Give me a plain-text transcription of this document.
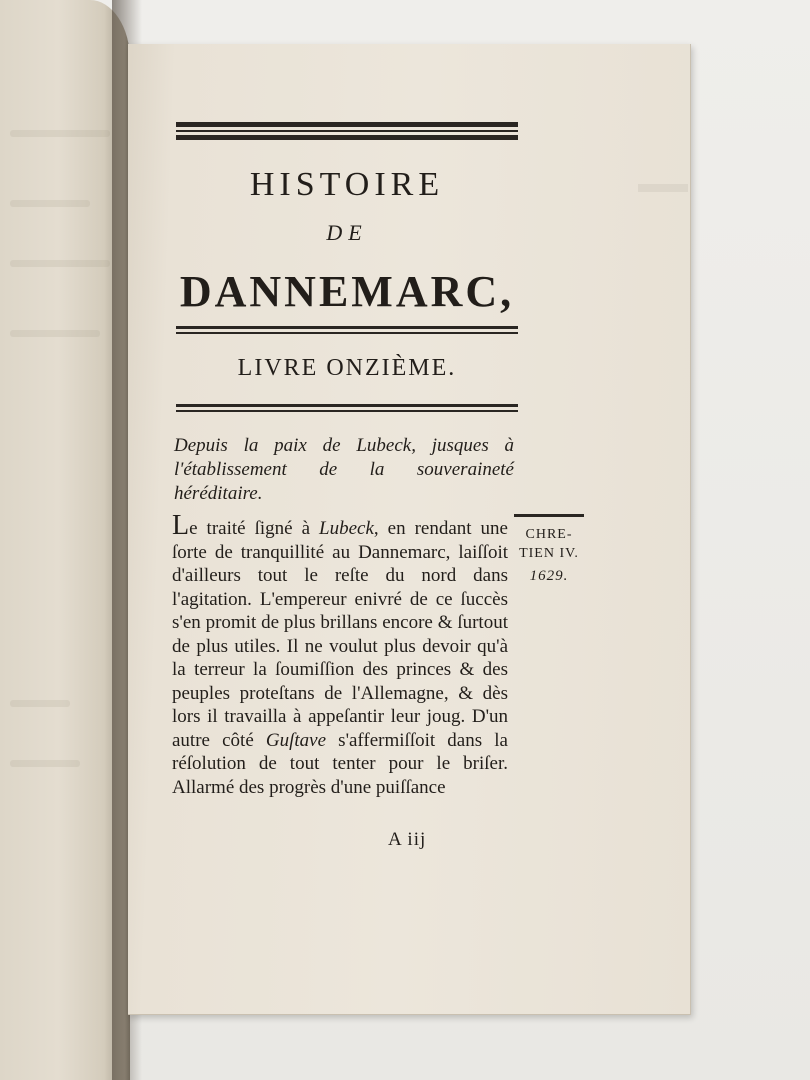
HISTOIRE
DE
DANNEMARC,
LIVRE ONZIÈME.
Depuis la paix de Lubeck, jusques à l'établissement de la souveraineté héréditaire.
Le traité ſigné à Lubeck, en rendant une ſorte de tranquillité au Dannemarc, laiſſoit d'ailleurs tout le reſte du nord dans l'agitation. L'empereur enivré de ce ſuccès s'en promit de plus brillans encore & ſurtout de plus utiles. Il ne voulut plus devoir qu'à la terreur la ſoumiſſion des princes & des peuples proteſtans de l'Allemagne, & dès lors il travailla à appeſantir leur joug. D'un autre côté Guſtave s'affermiſſoit dans la réſolution de tout tenter pour le briſer. Allarmé des progrès d'une puiſſance
A iij
CHRE-
TIEN IV.
1629.
